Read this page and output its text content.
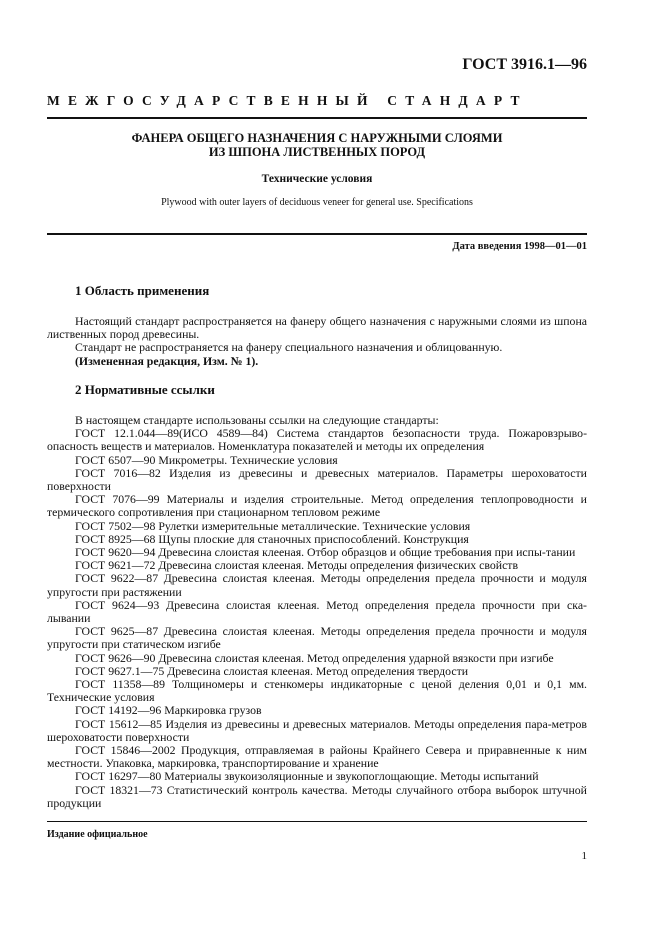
ГОСТ 3916.1—96
МЕЖГОСУДАРСТВЕННЫЙ СТАНДАРТ
ФАНЕРА ОБЩЕГО НАЗНАЧЕНИЯ С НАРУЖНЫМИ СЛОЯМИ
ИЗ ШПОНА ЛИСТВЕННЫХ ПОРОД
Технические условия
Plywood with outer layers of deciduous veneer for general use. Specifications
Дата введения 1998—01—01
1 Область применения

Настоящий стандарт распространяется на фанеру общего назначения с наружными слоями из шпона лиственных пород древесины.

Стандарт не распространяется на фанеру специального назначения и облицованную.

(Измененная редакция, Изм. № 1).

2 Нормативные ссылки

В настоящем стандарте использованы ссылки на следующие стандарты:

ГОСТ 12.1.044—89(ИСО 4589—84) Система стандартов безопасности труда. Пожаровзрыво-опасность веществ и материалов. Номенклатура показателей и методы их определения

ГОСТ 6507—90 Микрометры. Технические условия

ГОСТ 7016—82 Изделия из древесины и древесных материалов. Параметры шероховатости поверхности

ГОСТ 7076—99 Материалы и изделия строительные. Метод определения теплопроводности и термического сопротивления при стационарном тепловом режиме

ГОСТ 7502—98 Рулетки измерительные металлические. Технические условия

ГОСТ 8925—68 Щупы плоские для станочных приспособлений. Конструкция

ГОСТ 9620—94 Древесина слоистая клееная. Отбор образцов и общие требования при испы-тании

ГОСТ 9621—72 Древесина слоистая клееная. Методы определения физических свойств

ГОСТ 9622—87 Древесина слоистая клееная. Методы определения предела прочности и модуля упругости при растяжении

ГОСТ 9624—93 Древесина слоистая клееная. Метод определения предела прочности при ска-лывании

ГОСТ 9625—87 Древесина слоистая клееная. Методы определения предела прочности и модуля упругости при статическом изгибе

ГОСТ 9626—90 Древесина слоистая клееная. Метод определения ударной вязкости при изгибе

ГОСТ 9627.1—75 Древесина слоистая клееная. Метод определения твердости

ГОСТ 11358—89 Толщиномеры и стенкомеры индикаторные с ценой деления 0,01 и 0,1 мм. Технические условия

ГОСТ 14192—96 Маркировка грузов

ГОСТ 15612—85 Изделия из древесины и древесных материалов. Методы определения пара-метров шероховатости поверхности

ГОСТ 15846—2002 Продукция, отправляемая в районы Крайнего Севера и приравненные к ним местности. Упаковка, маркировка, транспортирование и хранение

ГОСТ 16297—80 Материалы звукоизоляционные и звукопоглощающие. Методы испытаний

ГОСТ 18321—73 Статистический контроль качества. Методы случайного отбора выборок штучной продукции

Издание официальное
1
